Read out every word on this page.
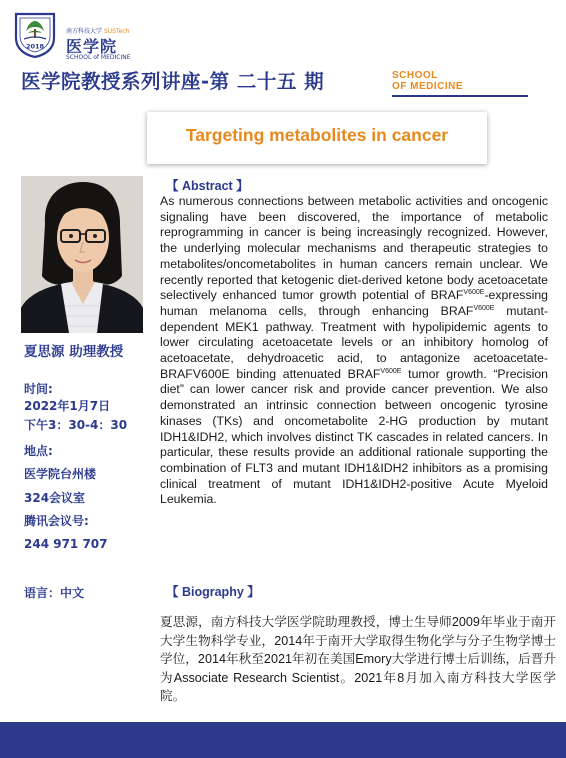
2018
南方科技大学 SUSTech
医学院
SCHOOL of MEDICINE
医学院教授系列讲座-第 二十五 期	SCHOOL
OF MEDICINE
Targeting metabolites in cancer
夏思源 助理教授
时间:
2022年1月7日
下午3：30-4：30
地点:
医学院台州楼
324会议室
腾讯会议号:
244 971 707
语言：中文
【 Abstract 】
As numerous connections between metabolic activities and oncogenic signaling have been discovered, the importance of metabolic reprogramming in cancer is being increasingly recognized. However, the underlying molecular mechanisms and therapeutic strategies to metabolites/oncometabolites in human cancers remain unclear. We recently reported that ketogenic diet-derived ketone body acetoacetate selectively enhanced tumor growth potential of $BRAF^{V600E}$-expressing human melanoma cells, through enhancing $BRAF^{V600E}$ mutant-dependent MEK1 pathway. Treatment with hypolipidemic agents to lower circulating acetoacetate levels or an inhibitory homolog of acetoacetate, dehydroacetic acid, to antagonize acetoacetate-BRAFV600E binding attenuated $BRAF^{V600E}$ tumor growth. “Precision diet” can lower cancer risk and provide cancer prevention. We also demonstrated an intrinsic connection between oncogenic tyrosine kinases (TKs) and oncometabolite 2-HG production by mutant IDH1&IDH2, which involves distinct TK cascades in related cancers. In particular, these results provide an additional rationale supporting the combination of FLT3 and mutant IDH1&IDH2 inhibitors as a promising clinical treatment of mutant IDH1&IDH2-positive Acute Myeloid Leukemia.
【 Biography 】
夏思源，南方科技大学医学院助理教授，博士生导师2009年毕业于南开大学生物科学专业，2014年于南开大学取得生物化学与分子生物学博士学位，2014年秋至2021年初在美国Emory大学进行博士后训练，后晋升为Associate Research Scientist。2021年8月加入南方科技大学医学院。
